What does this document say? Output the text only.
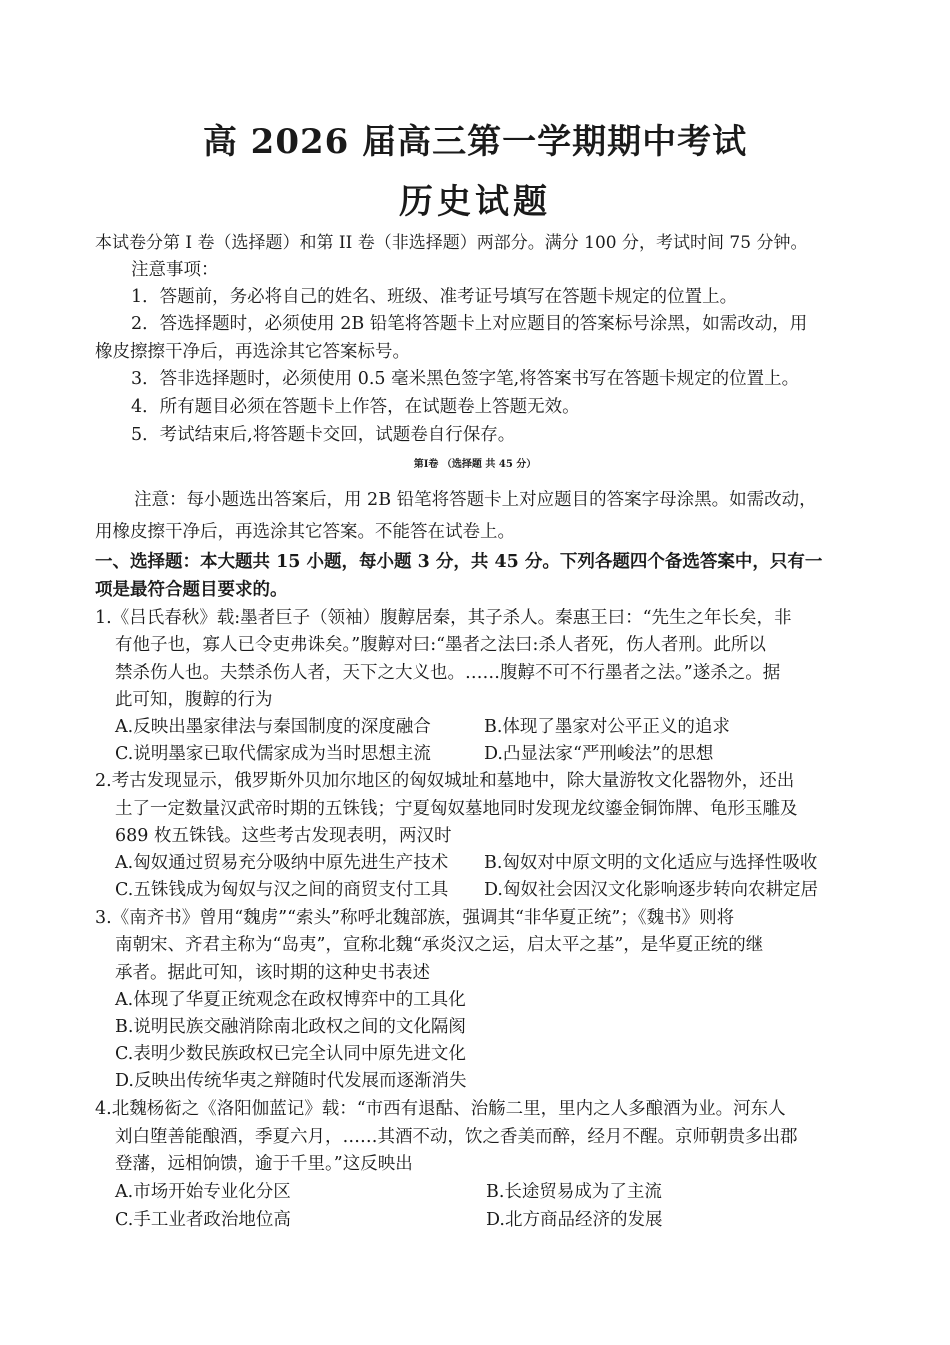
高 2026 届高三第一学期期中考试
历史试题
本试卷分第 I 卷（选择题）和第 II 卷（非选择题）两部分。满分 100 分，考试时间 75 分钟。
注意事项：
1．答题前，务必将自己的姓名、班级、准考证号填写在答题卡规定的位置上。
2．答选择题时，必须使用 2B 铅笔将答题卡上对应题目的答案标号涂黑，如需改动，用
橡皮擦擦干净后，再选涂其它答案标号。
3．答非选择题时，必须使用 0.5 毫米黑色签字笔,将答案书写在答题卡规定的位置上。
4．所有题目必须在答题卡上作答，在试题卷上答题无效。
5．考试结束后,将答题卡交回，试题卷自行保存。
第Ⅰ卷 （选择题 共 45 分）
注意：每小题选出答案后，用 2B 铅笔将答题卡上对应题目的答案字母涂黑。如需改动，
用橡皮擦干净后，再选涂其它答案。不能答在试卷上。
一、选择题：本大题共 15 小题，每小题 3 分，共 45 分。下列各题四个备选答案中，只有一
项是最符合题目要求的。
1.《吕氏春秋》载:墨者巨子（领袖）腹䵍居秦，其子杀人。秦惠王曰：“先生之年长矣，非
有他子也，寡人已令吏弗诛矣。”腹䵍对曰:“墨者之法曰:杀人者死，伤人者刑。此所以
禁杀伤人也。夫禁杀伤人者，天下之大义也。……腹䵍不可不行墨者之法。”遂杀之。据
此可知，腹䵍的行为
A.反映出墨家律法与秦国制度的深度融合	B.体现了墨家对公平正义的追求
C.说明墨家已取代儒家成为当时思想主流	D.凸显法家“严刑峻法”的思想
2.考古发现显示，俄罗斯外贝加尔地区的匈奴城址和墓地中，除大量游牧文化器物外，还出
土了一定数量汉武帝时期的五铢钱；宁夏匈奴墓地同时发现龙纹鎏金铜饰牌、龟形玉雕及
689 枚五铢钱。这些考古发现表明，两汉时
A.匈奴通过贸易充分吸纳中原先进生产技术 B.匈奴对中原文明的文化适应与选择性吸收
C.五铢钱成为匈奴与汉之间的商贸支付工具 D.匈奴社会因汉文化影响逐步转向农耕定居
3.《南齐书》曾用“魏虏”“索头”称呼北魏部族，强调其“非华夏正统”；《魏书》则将
南朝宋、齐君主称为“岛夷”，宣称北魏“承炎汉之运，启太平之基”，是华夏正统的继
承者。据此可知，该时期的这种史书表述
A.体现了华夏正统观念在政权博弈中的工具化
B.说明民族交融消除南北政权之间的文化隔阂
C.表明少数民族政权已完全认同中原先进文化
D.反映出传统华夷之辩随时代发展而逐渐消失
4.北魏杨衒之《洛阳伽蓝记》载：“市西有退酤、治觞二里，里内之人多酿酒为业。河东人
刘白堕善能酿酒，季夏六月，……其酒不动，饮之香美而醉，经月不醒。京师朝贵多出郡
登藩，远相饷馈，逾于千里。”这反映出
A.市场开始专业化分区	B.长途贸易成为了主流
C.手工业者政治地位高	D.北方商品经济的发展
